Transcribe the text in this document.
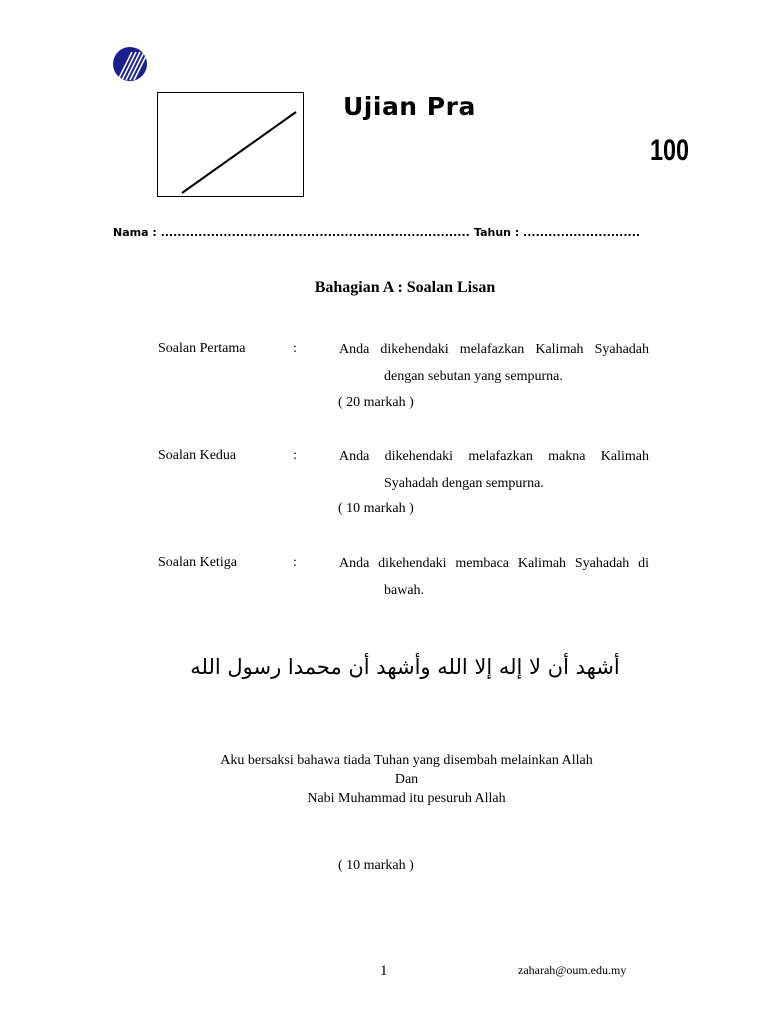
Ujian Pra
100
Nama : .......................................................................... Tahun : ............................
Bahagian A : Soalan Lisan
Soalan Pertama	:	Anda dikehendaki melafazkan Kalimah Syahadah
dengan sebutan yang sempurna.
( 20 markah )
Soalan Kedua	:	Anda dikehendaki melafazkan makna Kalimah
Syahadah dengan sempurna.
( 10 markah )
Soalan Ketiga	:	Anda dikehendaki membaca Kalimah Syahadah di
bawah.
أشهد أن لا إله إلا الله وأشهد أن محمدا رسول الله
Aku bersaksi bahawa tiada Tuhan yang disembah melainkan Allah
Dan
Nabi Muhammad itu pesuruh Allah
( 10 markah )
1	zaharah@oum.edu.my
